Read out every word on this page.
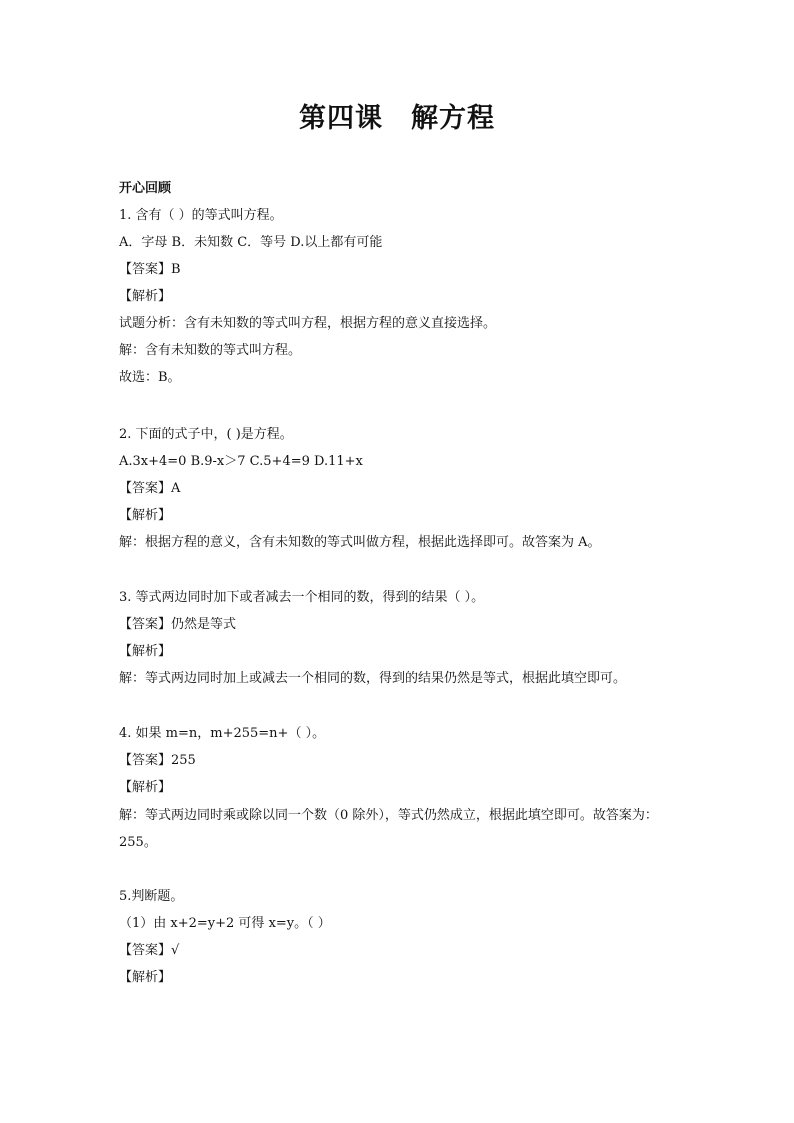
第四课 解方程
开心回顾
1. 含有（ ）的等式叫方程。
A．字母 B．未知数 C．等号 D.以上都有可能
【答案】B
【解析】
试题分析：含有未知数的等式叫方程，根据方程的意义直接选择。
解：含有未知数的等式叫方程。
故选：B。
2. 下面的式子中，( )是方程。
A.3x+4=0 B.9-x＞7 C.5+4=9 D.11+x
【答案】A
【解析】
解：根据方程的意义，含有未知数的等式叫做方程，根据此选择即可。故答案为 A。
3. 等式两边同时加下或者减去一个相同的数，得到的结果（ ）。
【答案】仍然是等式
【解析】
解：等式两边同时加上或减去一个相同的数，得到的结果仍然是等式，根据此填空即可。
4. 如果 m=n，m+255=n+（ ）。
【答案】255
【解析】
解：等式两边同时乘或除以同一个数（0 除外），等式仍然成立，根据此填空即可。故答案为：255。
5.判断题。
（1）由 x+2=y+2 可得 x=y。（ ）
【答案】√
【解析】
